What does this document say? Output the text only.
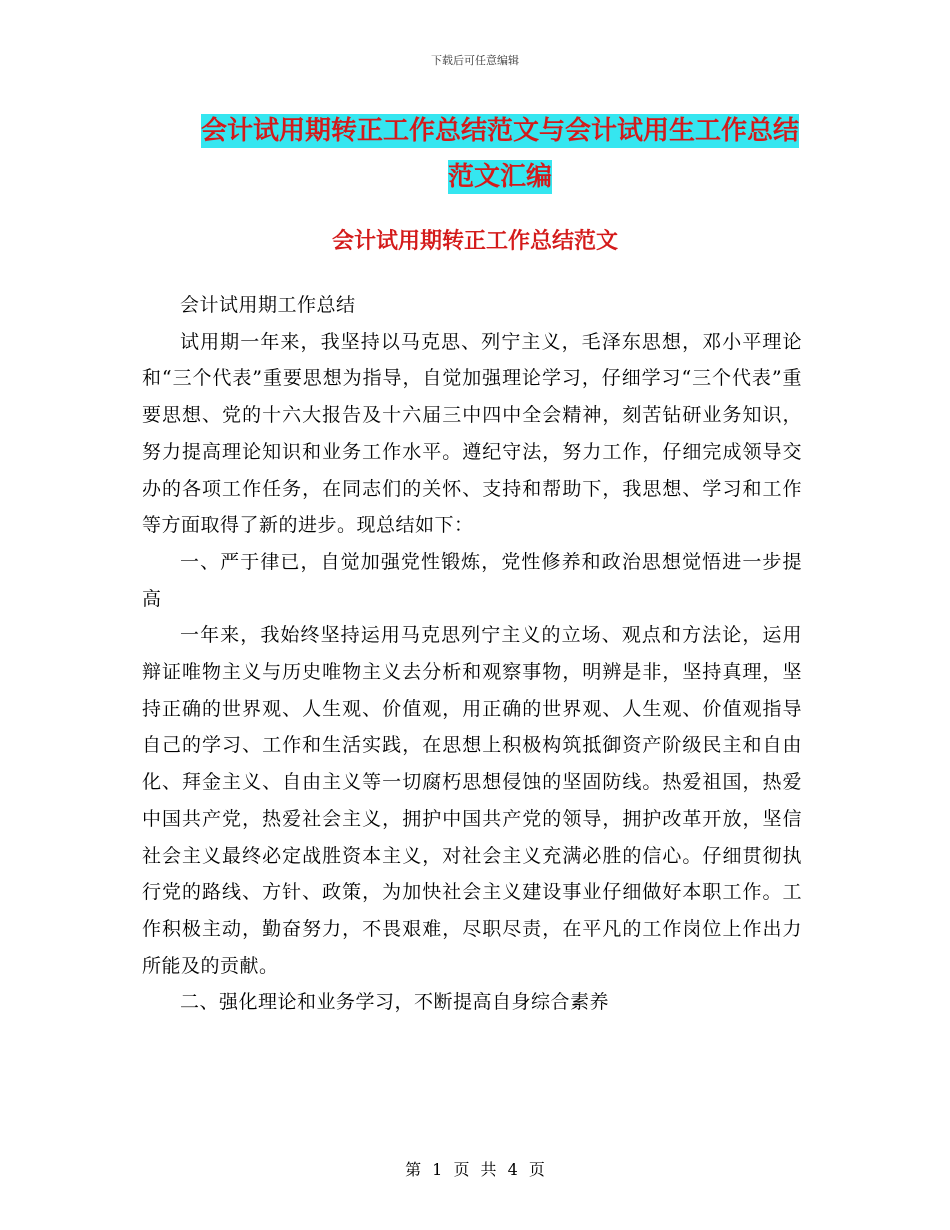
下载后可任意编辑
会计试用期转正工作总结范文与会计试用生工作总结
范文汇编
会计试用期转正工作总结范文

会计试用期工作总结

试用期一年来，我坚持以马克思、列宁主义，毛泽东思想，邓小平理论和“三个代表”重要思想为指导，自觉加强理论学习，仔细学习“三个代表”重要思想、党的十六大报告及十六届三中四中全会精神，刻苦钻研业务知识，努力提高理论知识和业务工作水平。遵纪守法，努力工作，仔细完成领导交办的各项工作任务，在同志们的关怀、支持和帮助下，我思想、学习和工作等方面取得了新的进步。现总结如下：

一、严于律已，自觉加强党性锻炼，党性修养和政治思想觉悟进一步提高

一年来，我始终坚持运用马克思列宁主义的立场、观点和方法论，运用辩证唯物主义与历史唯物主义去分析和观察事物，明辨是非，坚持真理，坚持正确的世界观、人生观、价值观，用正确的世界观、人生观、价值观指导自己的学习、工作和生活实践，在思想上积极构筑抵御资产阶级民主和自由化、拜金主义、自由主义等一切腐朽思想侵蚀的坚固防线。热爱祖国，热爱中国共产党，热爱社会主义，拥护中国共产党的领导，拥护改革开放，坚信社会主义最终必定战胜资本主义，对社会主义充满必胜的信心。仔细贯彻执行党的路线、方针、政策，为加快社会主义建设事业仔细做好本职工作。工作积极主动，勤奋努力，不畏艰难，尽职尽责，在平凡的工作岗位上作出力所能及的贡献。

二、强化理论和业务学习，不断提高自身综合素养

第 1 页 共 4 页
